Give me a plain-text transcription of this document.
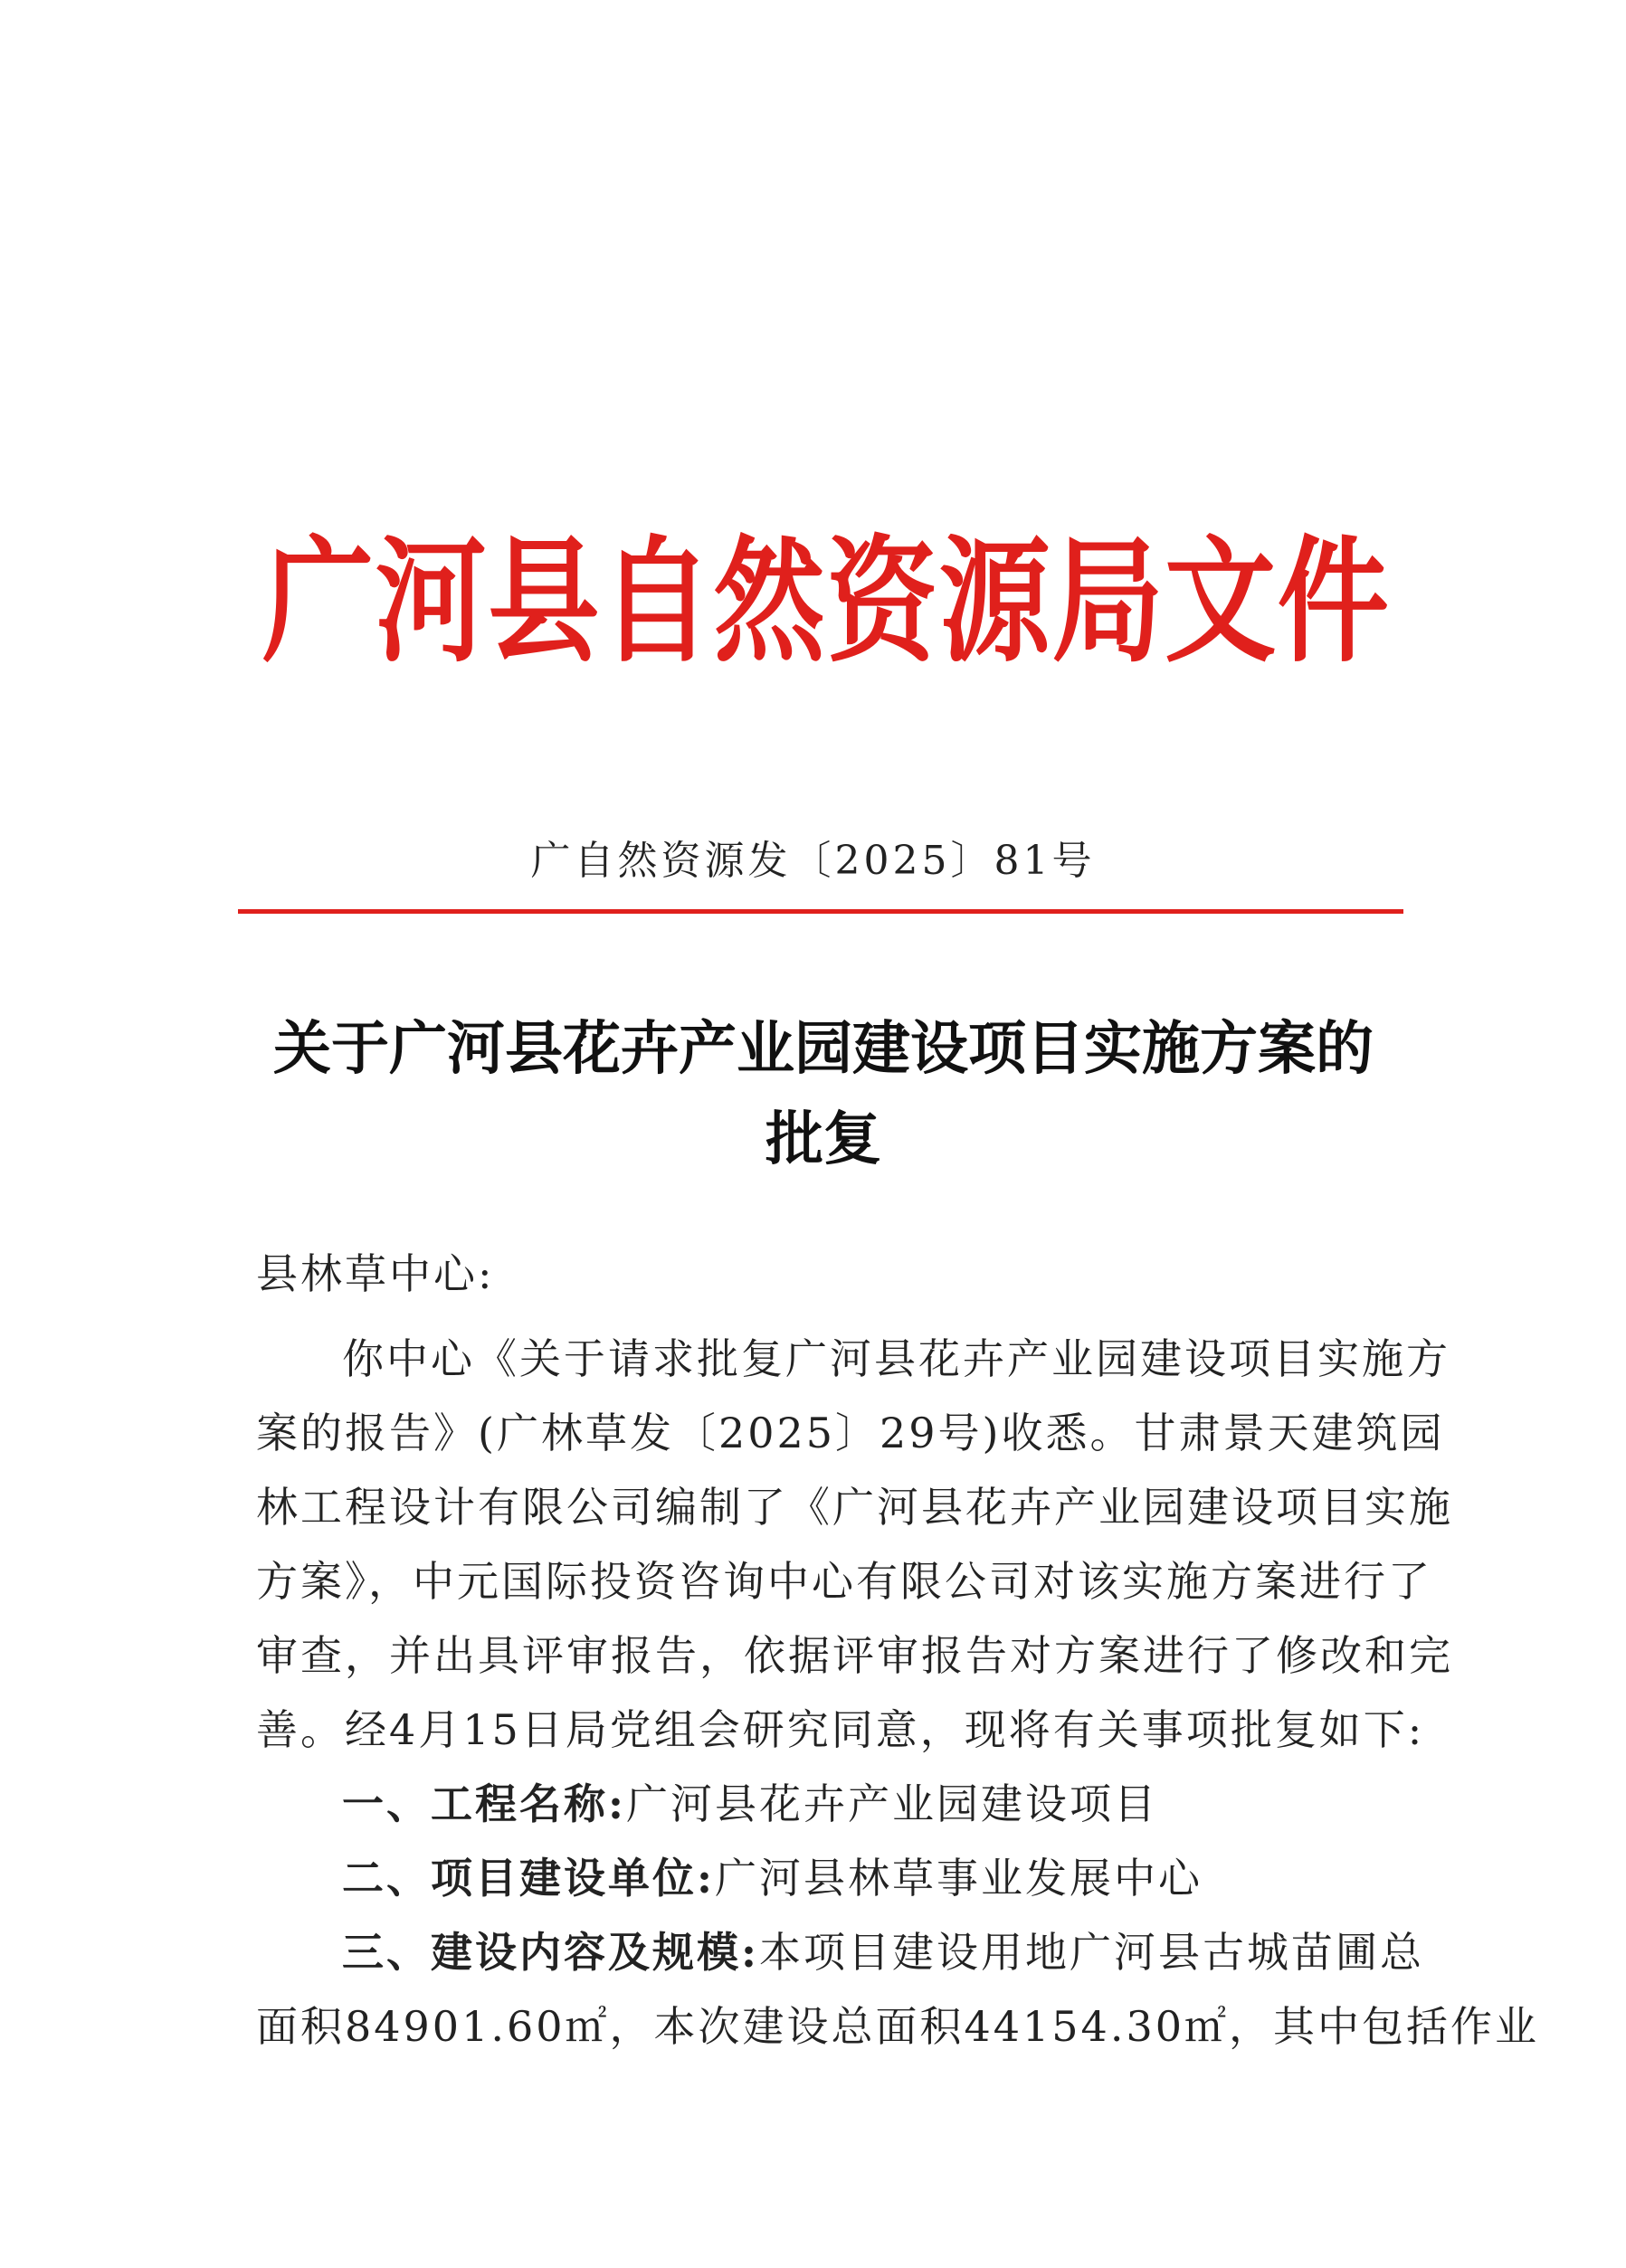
广河县自然资源局文件
广自然资源发〔2025〕81号
关于广河县花卉产业园建设项目实施方案的
批复
县林草中心:
你中心《关于请求批复广河县花卉产业园建设项目实施方
案的报告》(广林草发〔2025〕29号)收悉。甘肃景天建筑园
林工程设计有限公司编制了《广河县花卉产业园建设项目实施
方案》，中元国际投资咨询中心有限公司对该实施方案进行了
审查，并出具评审报告，依据评审报告对方案进行了修改和完
善。经4月15日局党组会研究同意，现将有关事项批复如下:
一、工程名称:广河县花卉产业园建设项目
二、项目建设单位:广河县林草事业发展中心
三、建设内容及规模:本项目建设用地广河县古城苗圃总
面积84901.60㎡，本次建设总面积44154.30㎡，其中包括作业
